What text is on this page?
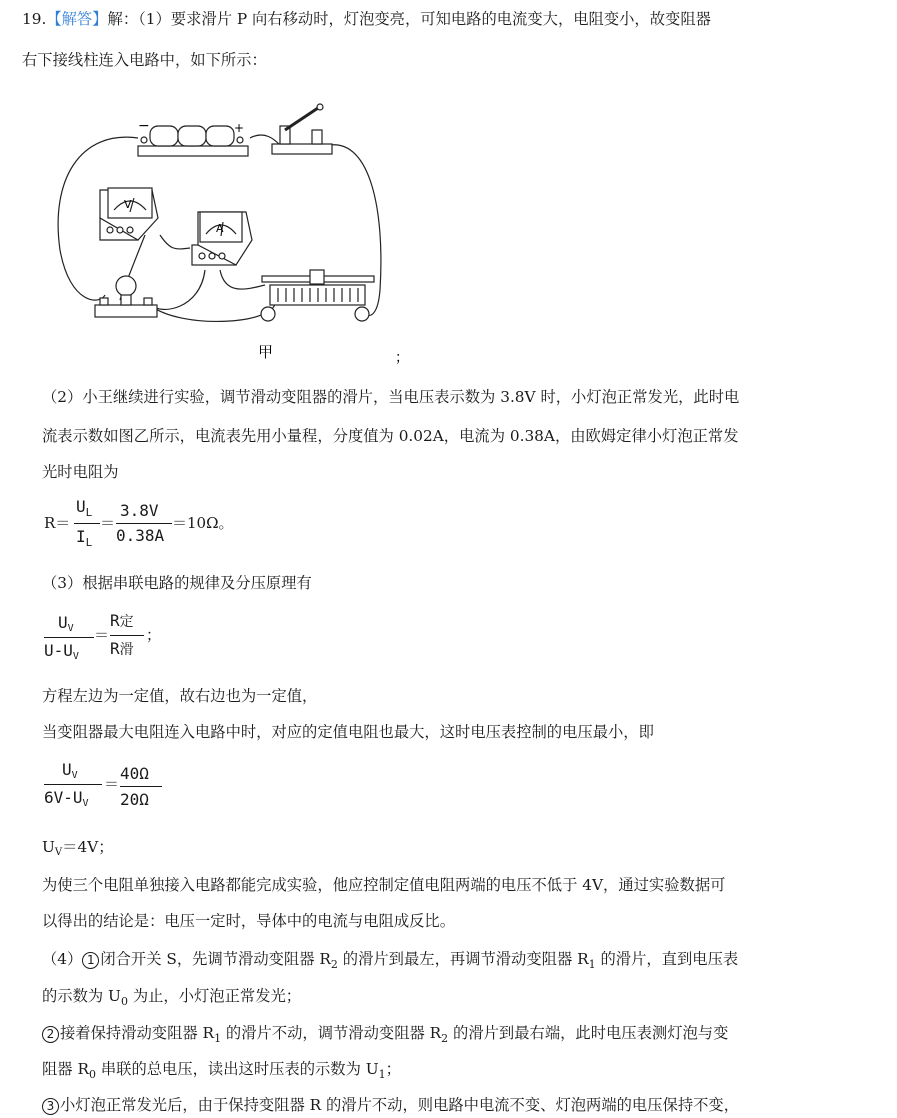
19.【解答】解：（1）要求滑片 P 向右移动时，灯泡变亮，可知电路的电流变大，电阻变小，故变阻器
右下接线柱连入电路中，如下所示：
−	+
V
A
甲	；
（2）小王继续进行实验，调节滑动变阻器的滑片，当电压表示数为 3.8V 时，小灯泡正常发光，此时电
流表示数如图乙所示，电流表先用小量程，分度值为 0.02A，电流为 0.38A，由欧姆定律小灯泡正常发
光时电阻为
R＝
$U_L$
$I_L$
＝
3.8V
0.38A
＝10Ω。
（3）根据串联电路的规律及分压原理有
UV
U-UV
＝
R定
R滑
；
方程左边为一定值，故右边也为一定值，
当变阻器最大电阻连入电路中时，对应的定值电阻也最大，这时电压表控制的电压最小，即
UV
6V-UV
＝
40Ω
20Ω
UV＝4V；
为使三个电阻单独接入电路都能完成实验，他应控制定值电阻两端的电压不低于 4V，通过实验数据可
以得出的结论是：电压一定时，导体中的电流与电阻成反比。
（4） 1 闭合开关 S，先调节滑动变阻器 $R_2$ 的滑片到最左，再调节滑动变阻器 $R_1$ 的滑片，直到电压表
的示数为 $U_0$ 为止，小灯泡正常发光；
2 接着保持滑动变阻器 $R_1$ 的滑片不动，调节滑动变阻器 $R_2$ 的滑片到最右端，此时电压表测灯泡与变
阻器 $R_0$ 串联的总电压，读出这时压表的示数为 $U_1$；
3 小灯泡正常发光后，由于保持变阻器 R 的滑片不动，则电路中电流不变、灯泡两端的电压保持不变，
